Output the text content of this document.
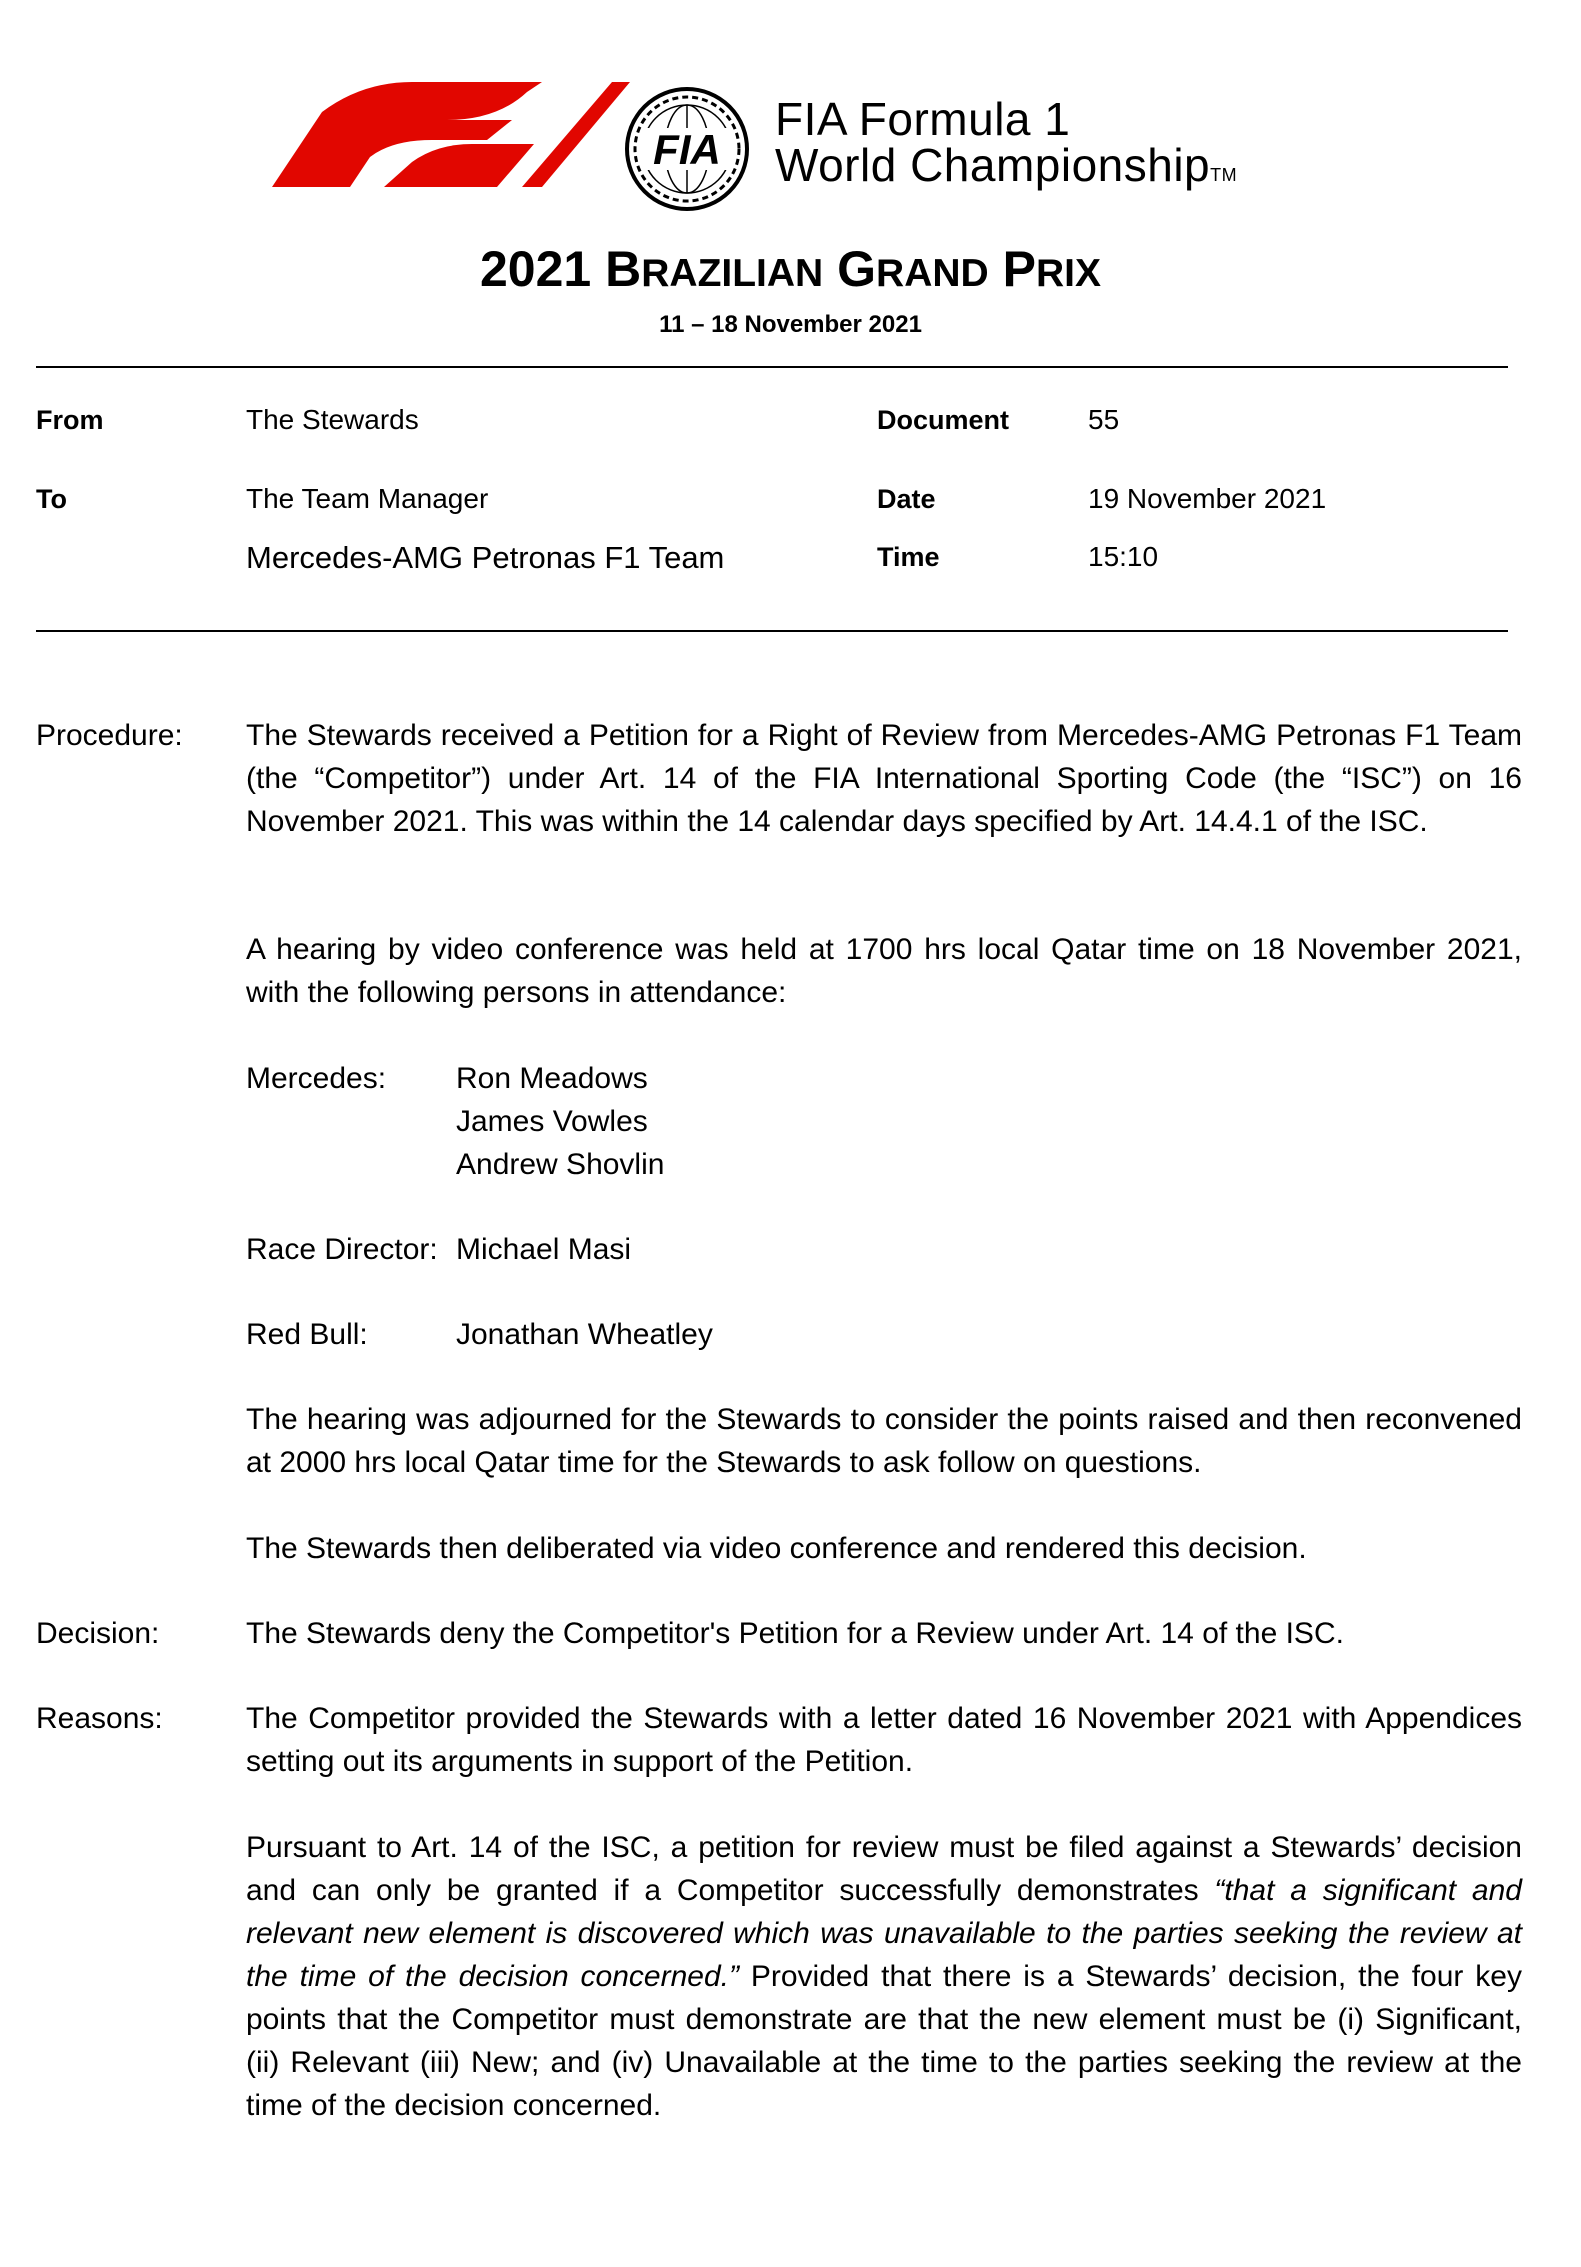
FIA
FIA Formula 1
World ChampionshipTM
2021 BRAZILIAN GRAND PRIX
11 – 18 November 2021
From	The Stewards	Document	55
To	The Team Manager	Date	19 November 2021
Mercedes-AMG Petronas F1 Team	Time	15:10
Procedure: The Stewards received a Petition for a Right of Review from Mercedes-AMG Petronas F1 Team (the “Competitor”) under Art. 14 of the FIA International Sporting Code (the “ISC”) on 16 November 2021. This was within the 14 calendar days specified by Art. 14.4.1 of the ISC.
A hearing by video conference was held at 1700 hrs local Qatar time on 18 November 2021, with the following persons in attendance:
Mercedes: Ron Meadows
James Vowles
Andrew Shovlin
Race Director: Michael Masi
Red Bull:	Jonathan Wheatley
The hearing was adjourned for the Stewards to consider the points raised and then reconvened at 2000 hrs local Qatar time for the Stewards to ask follow on questions.
The Stewards then deliberated via video conference and rendered this decision.
Decision:	The Stewards deny the Competitor's Petition for a Review under Art. 14 of the ISC.
Reasons:	The Competitor provided the Stewards with a letter dated 16 November 2021 with Appendices setting out its arguments in support of the Petition.
Pursuant to Art. 14 of the ISC, a petition for review must be filed against a Stewards’ decision and can only be granted if a Competitor successfully demonstrates “that a significant and relevant new element is discovered which was unavailable to the parties seeking the review at the time of the decision concerned.” Provided that there is a Stewards’ decision, the four key points that the Competitor must demonstrate are that the new element must be (i) Significant, (ii) Relevant (iii) New; and (iv) Unavailable at the time to the parties seeking the review at the time of the decision concerned.
